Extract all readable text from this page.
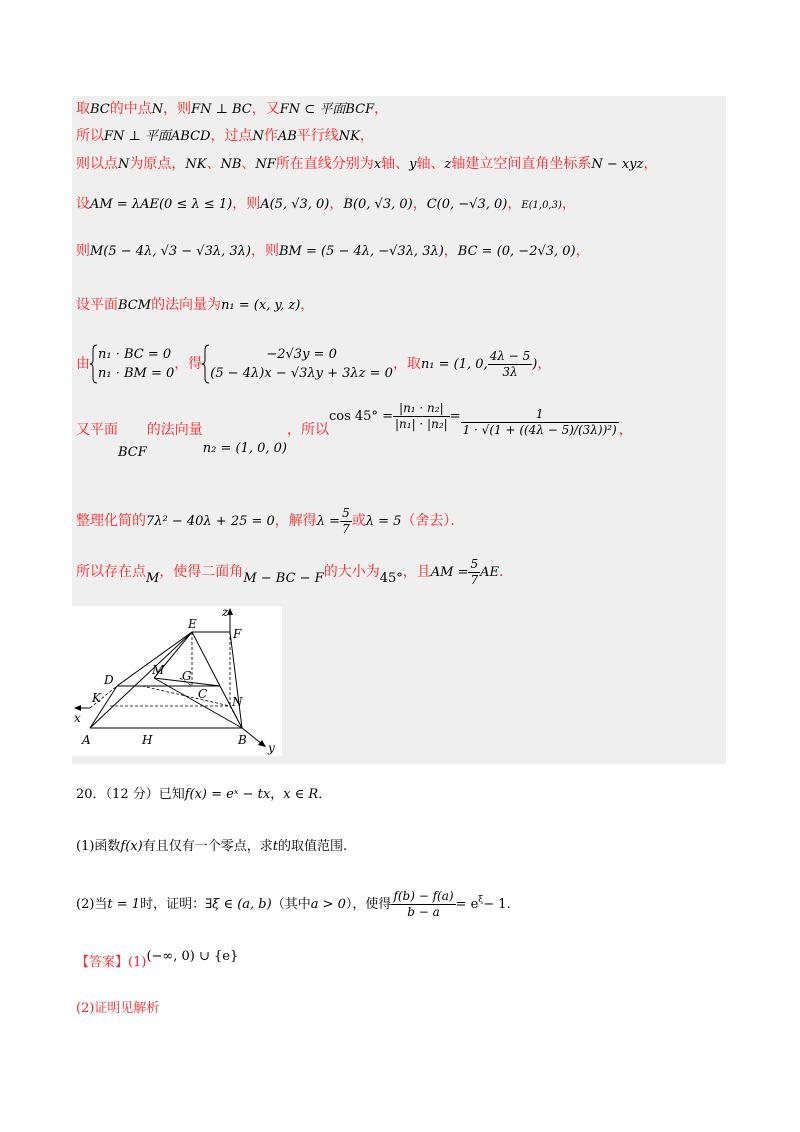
取BC的中点N，则FN ⊥ BC，又FN ⊂ 平面BCF，
所以FN ⊥ 平面ABCD，过点N作AB平行线NK，
则以点N为原点，NK、NB、NF所在直线分别为x轴、y轴、z轴建立空间直角坐标系N − xyz，
设AM = λAE(0 ≤ λ ≤ 1)，则A(5, √3, 0)，B(0, √3, 0)，C(0, −√3, 0)，E(1,0,3)，
则M(5 − 4λ, √3 − √3λ, 3λ)，则BM = (5 − 4λ, −√3λ, 3λ)，BC = (0, −2√3, 0)，
设平面BCM的法向量为n₁ = (x, y, z)，
由
n₁ · BC = 0
n₁ · BM = 0
，得
−2√3y = 0
(5 − 4λ)x − √3λy + 3λz = 0
，取n₁ = (1, 0, $\frac{4\lambda - 5}{3\lambda}$ )，
又平面BCF的法向量n₂ = (1, 0, 0)，所以$\cos 45^\circ = \frac{\text{|n₁ · n₂|}}{\text{|n₁| · |n₂|}} = \frac{1}{\text{1 · √(1 + ((4λ − 5)/(3λ))²)}}$ ，
整理化简的7λ² − 40λ + 25 = 0，解得$\lambda = \frac{5}{7}$ 或λ = 5（舍去）．
所以存在点M，使得二面角M − BC − F的大小为45°，且AM = $\frac{5}{7}$ AE．
z
E
F
D
M G
K	C
N
x
A	H	B
y
20．（12 分）已知f(x) = eˣ − tx，x ∈ R．
(1)函数f(x)有且仅有一个零点，求t的取值范围.
(2)当t = 1时，证明：∃ξ ∈ (a, b)（其中a > 0），使得 $\frac{f(b) - f(a)}{b - a} = e^\xi- 1$.
【答案】(1)(−∞, 0) ∪ {e}
(2)证明见解析
